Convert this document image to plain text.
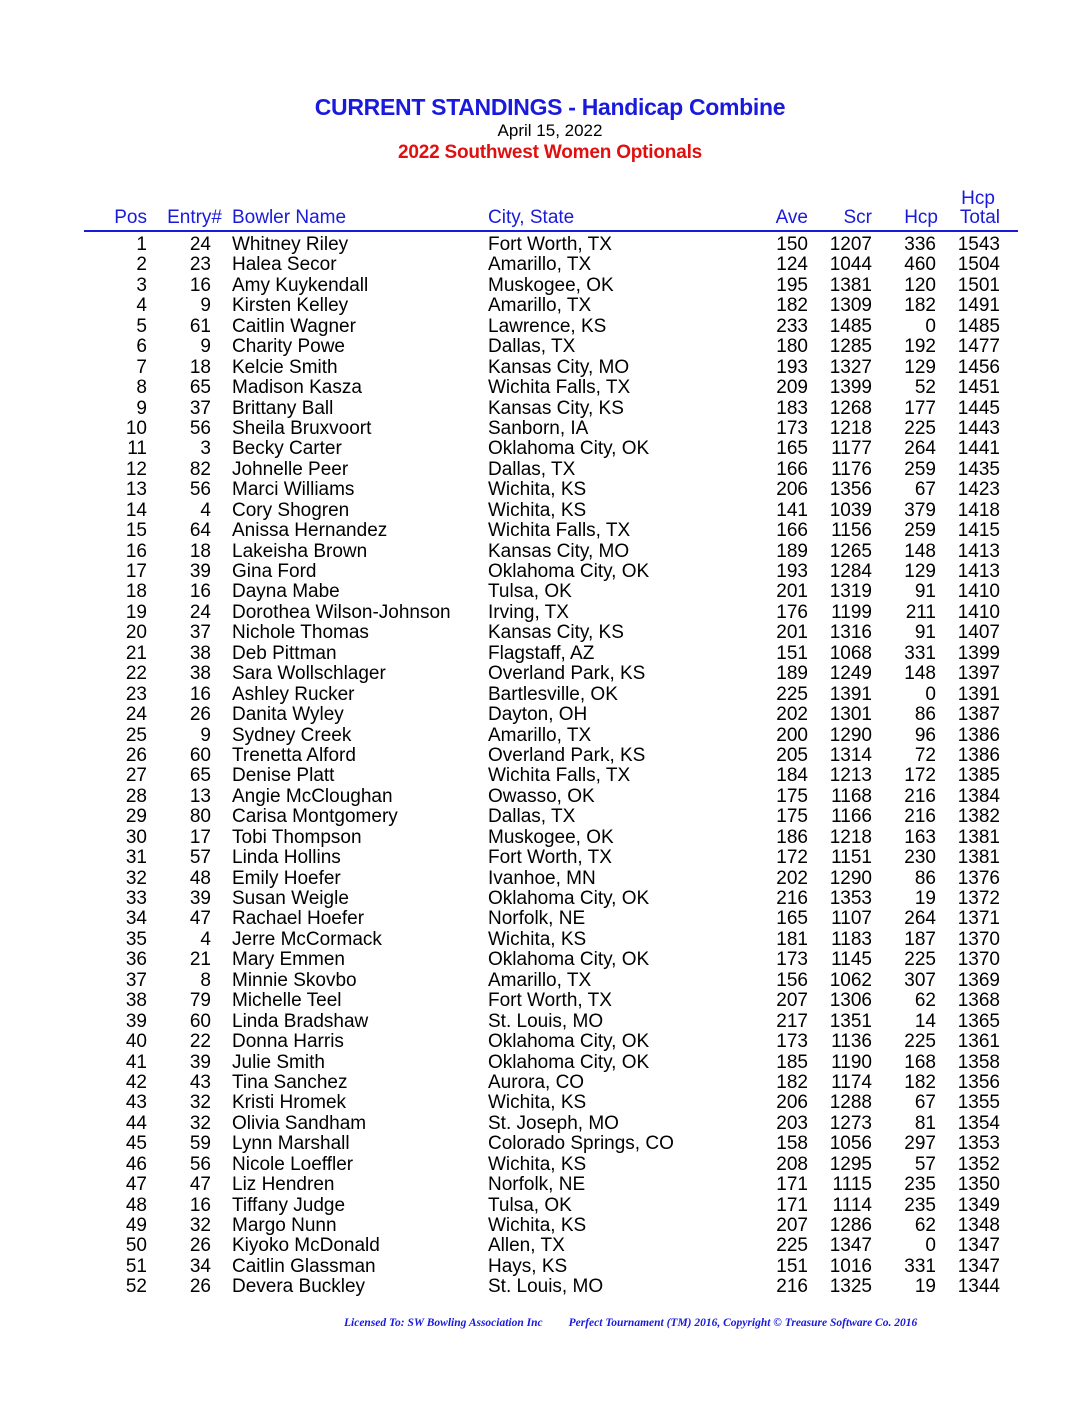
CURRENT STANDINGS - Handicap Combine
April 15, 2022
2022 Southwest Women Optionals
Pos	Entry# Bowler Name	City, State	Ave	Scr	Hcp
Hcp
Total
1	24 Whitney Riley	Fort Worth, TX	150	1207	336	1543
2	23 Halea Secor	Amarillo, TX	124	1044	460	1504
3	16 Amy Kuykendall	Muskogee, OK	195	1381	120	1501
4	9 Kirsten Kelley	Amarillo, TX	182	1309	182	1491
5	61 Caitlin Wagner	Lawrence, KS	233	1485	0	1485
6	9 Charity Powe	Dallas, TX	180	1285	192	1477
7	18 Kelcie Smith	Kansas City, MO	193	1327	129	1456
8	65 Madison Kasza	Wichita Falls, TX	209	1399	52	1451
9	37 Brittany Ball	Kansas City, KS	183	1268	177	1445
10	56 Sheila Bruxvoort	Sanborn, IA	173	1218	225	1443
11	3 Becky Carter	Oklahoma City, OK	165	1177	264	1441
12	82 Johnelle Peer	Dallas, TX	166	1176	259	1435
13	56 Marci Williams	Wichita, KS	206	1356	67	1423
14	4 Cory Shogren	Wichita, KS	141	1039	379	1418
15	64 Anissa Hernandez	Wichita Falls, TX	166	1156	259	1415
16	18 Lakeisha Brown	Kansas City, MO	189	1265	148	1413
17	39 Gina Ford	Oklahoma City, OK	193	1284	129	1413
18	16 Dayna Mabe	Tulsa, OK	201	1319	91	1410
19	24 Dorothea Wilson-Johnson Irving, TX	176	1199	211	1410
20	37 Nichole Thomas	Kansas City, KS	201	1316	91	1407
21	38 Deb Pittman	Flagstaff, AZ	151	1068	331	1399
22	38 Sara Wollschlager	Overland Park, KS	189	1249	148	1397
23	16 Ashley Rucker	Bartlesville, OK	225	1391	0	1391
24	26 Danita Wyley	Dayton, OH	202	1301	86	1387
25	9 Sydney Creek	Amarillo, TX	200	1290	96	1386
26	60 Trenetta Alford	Overland Park, KS	205	1314	72	1386
27	65 Denise Platt	Wichita Falls, TX	184	1213	172	1385
28	13 Angie McCloughan	Owasso, OK	175	1168	216	1384
29	80 Carisa Montgomery	Dallas, TX	175	1166	216	1382
30	17 Tobi Thompson	Muskogee, OK	186	1218	163	1381
31	57 Linda Hollins	Fort Worth, TX	172	1151	230	1381
32	48 Emily Hoefer	Ivanhoe, MN	202	1290	86	1376
33	39 Susan Weigle	Oklahoma City, OK	216	1353	19	1372
34	47 Rachael Hoefer	Norfolk, NE	165	1107	264	1371
35	4 Jerre McCormack	Wichita, KS	181	1183	187	1370
36	21 Mary Emmen	Oklahoma City, OK	173	1145	225	1370
37	8 Minnie Skovbo	Amarillo, TX	156	1062	307	1369
38	79 Michelle Teel	Fort Worth, TX	207	1306	62	1368
39	60 Linda Bradshaw	St. Louis, MO	217	1351	14	1365
40	22 Donna Harris	Oklahoma City, OK	173	1136	225	1361
41	39 Julie Smith	Oklahoma City, OK	185	1190	168	1358
42	43 Tina Sanchez	Aurora, CO	182	1174	182	1356
43	32 Kristi Hromek	Wichita, KS	206	1288	67	1355
44	32 Olivia Sandham	St. Joseph, MO	203	1273	81	1354
45	59 Lynn Marshall	Colorado Springs, CO	158	1056	297	1353
46	56 Nicole Loeffler	Wichita, KS	208	1295	57	1352
47	47 Liz Hendren	Norfolk, NE	171	1115	235	1350
48	16 Tiffany Judge	Tulsa, OK	171	1114	235	1349
49	32 Margo Nunn	Wichita, KS	207	1286	62	1348
50	26 Kiyoko McDonald	Allen, TX	225	1347	0	1347
51	34 Caitlin Glassman	Hays, KS	151	1016	331	1347
52	26 Devera Buckley	St. Louis, MO	216	1325	19	1344
Licensed To: SW Bowling Association Inc Perfect Tournament (TM) 2016, Copyright © Treasure Software Co. 2016
